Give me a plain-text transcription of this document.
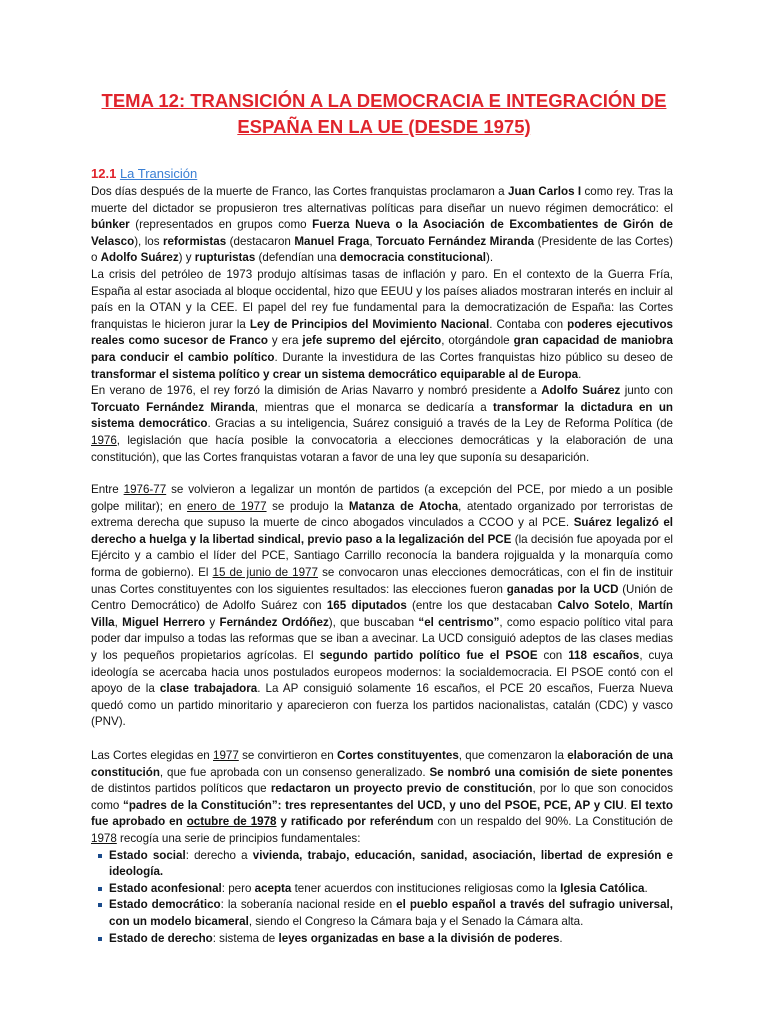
TEMA 12: TRANSICIÓN A LA DEMOCRACIA E INTEGRACIÓN DE
ESPAÑA EN LA UE (DESDE 1975)
12.1 La Transición

Dos días después de la muerte de Franco, las Cortes franquistas proclamaron a Juan Carlos I como rey. Tras la muerte del dictador se propusieron tres alternativas políticas para diseñar un nuevo régimen democrático: el búnker (representados en grupos como Fuerza Nueva o la Asociación de Excombatientes de Girón de Velasco), los reformistas (destacaron Manuel Fraga, Torcuato Fernández Miranda (Presidente de las Cortes) o Adolfo Suárez) y rupturistas (defendían una democracia constitucional).

La crisis del petróleo de 1973 produjo altísimas tasas de inflación y paro. En el contexto de la Guerra Fría, España al estar asociada al bloque occidental, hizo que EEUU y los países aliados mostraran interés en incluir al país en la OTAN y la CEE. El papel del rey fue fundamental para la democratización de España: las Cortes franquistas le hicieron jurar la Ley de Principios del Movimiento Nacional. Contaba con poderes ejecutivos reales como sucesor de Franco y era jefe supremo del ejército, otorgándole gran capacidad de maniobra para conducir el cambio político. Durante la investidura de las Cortes franquistas hizo público su deseo de transformar el sistema político y crear un sistema democrático equiparable al de Europa.

En verano de 1976, el rey forzó la dimisión de Arias Navarro y nombró presidente a Adolfo Suárez junto con Torcuato Fernández Miranda, mientras que el monarca se dedicaría a transformar la dictadura en un sistema democrático. Gracias a su inteligencia, Suárez consiguió a través de la Ley de Reforma Política (de 1976, legislación que hacía posible la convocatoria a elecciones democráticas y la elaboración de una constitución), que las Cortes franquistas votaran a favor de una ley que suponía su desaparición.

Entre 1976-77 se volvieron a legalizar un montón de partidos (a excepción del PCE, por miedo a un posible golpe militar); en enero de 1977 se produjo la Matanza de Atocha, atentado organizado por terroristas de extrema derecha que supuso la muerte de cinco abogados vinculados a CCOO y al PCE. Suárez legalizó el derecho a huelga y la libertad sindical, previo paso a la legalización del PCE (la decisión fue apoyada por el Ejército y a cambio el líder del PCE, Santiago Carrillo reconocía la bandera rojigualda y la monarquía como forma de gobierno). El 15 de junio de 1977 se convocaron unas elecciones democráticas, con el fin de instituir unas Cortes constituyentes con los siguientes resultados: las elecciones fueron ganadas por la UCD (Unión de Centro Democrático) de Adolfo Suárez con 165 diputados (entre los que destacaban Calvo Sotelo, Martín Villa, Miguel Herrero y Fernández Ordóñez), que buscaban “el centrismo”, como espacio político vital para poder dar impulso a todas las reformas que se iban a avecinar. La UCD consiguió adeptos de las clases medias y los pequeños propietarios agrícolas. El segundo partido político fue el PSOE con 118 escaños, cuya ideología se acercaba hacia unos postulados europeos modernos: la socialdemocracia. El PSOE contó con el apoyo de la clase trabajadora. La AP consiguió solamente 16 escaños, el PCE 20 escaños, Fuerza Nueva quedó como un partido minoritario y aparecieron con fuerza los partidos nacionalistas, catalán (CDC) y vasco (PNV).

Las Cortes elegidas en 1977 se convirtieron en Cortes constituyentes, que comenzaron la elaboración de una constitución, que fue aprobada con un consenso generalizado. Se nombró una comisión de siete ponentes de distintos partidos políticos que redactaron un proyecto previo de constitución, por lo que son conocidos como “padres de la Constitución”: tres representantes del UCD, y uno del PSOE, PCE, AP y CIU. El texto fue aprobado en octubre de 1978 y ratificado por referéndum con un respaldo del 90%. La Constitución de 1978 recogía una serie de principios fundamentales:

Estado social: derecho a vivienda, trabajo, educación, sanidad, asociación, libertad de expresión e ideología.
Estado aconfesional: pero acepta tener acuerdos con instituciones religiosas como la Iglesia Católica.
Estado democrático: la soberanía nacional reside en el pueblo español a través del sufragio universal, con un modelo bicameral, siendo el Congreso la Cámara baja y el Senado la Cámara alta.
Estado de derecho: sistema de leyes organizadas en base a la división de poderes.
